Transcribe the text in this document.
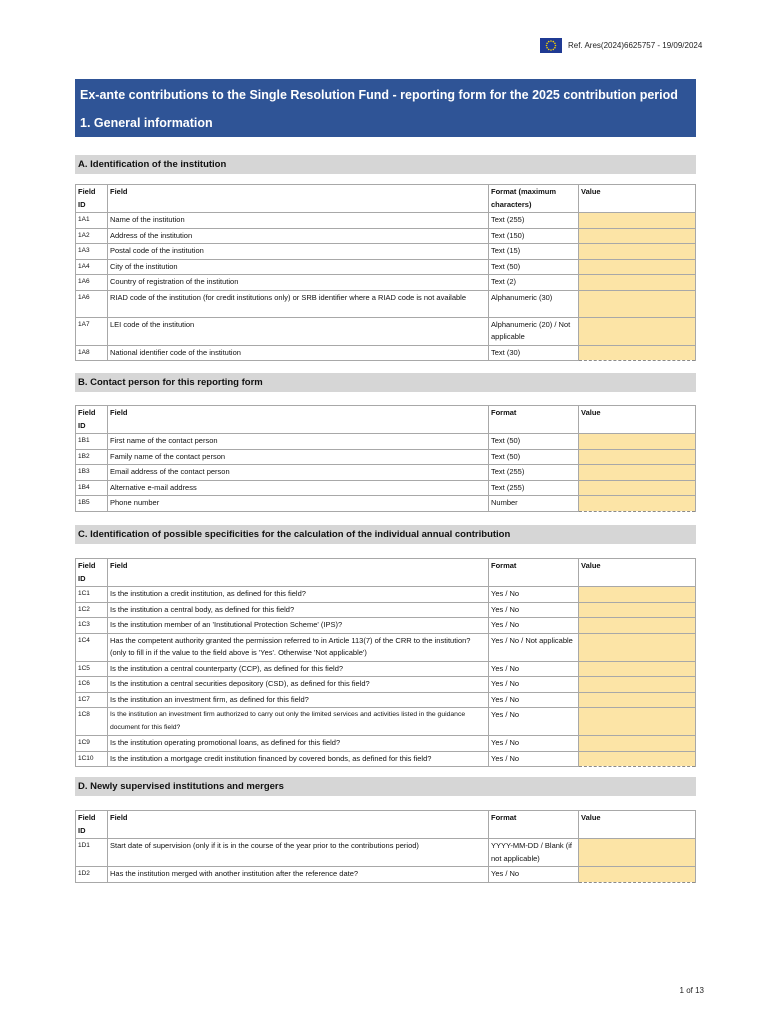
Ref. Ares(2024)6625757 - 19/09/2024
Ex-ante contributions to the Single Resolution Fund - reporting form for the 2025 contribution period
1. General information
A. Identification of the institution
Field ID	Field	Format (maximum characters)	Value
1A1	Name of the institution	Text (255)	
1A2	Address of the institution	Text (150)	
1A3	Postal code of the institution	Text (15)	
1A4	City of the institution	Text (50)	
1A6	Country of registration of the institution	Text (2)	
1A6	RIAD code of the institution (for credit institutions only) or SRB identifier where a RIAD code is not available	Alphanumeric (30)	
1A7	LEI code of the institution	Alphanumeric (20) / Not applicable	
1A8	National identifier code of the institution	Text (30)	
B. Contact person for this reporting form
Field ID	Field	Format	Value
1B1	First name of the contact person	Text (50)	
1B2	Family name of the contact person	Text (50)	
1B3	Email address of the contact person	Text (255)	
1B4	Alternative e-mail address	Text (255)	
1B5	Phone number	Number	
C. Identification of possible specificities for the calculation of the individual annual contribution
Field ID	Field	Format	Value
1C1	Is the institution a credit institution, as defined for this field?	Yes / No	
1C2	Is the institution a central body, as defined for this field?	Yes / No	
1C3	Is the institution member of an 'Institutional Protection Scheme' (IPS)?	Yes / No	
1C4	Has the competent authority granted the permission referred to in Article 113(7) of the CRR to the institution? (only to fill in if the value to the field above is 'Yes'. Otherwise 'Not applicable')	Yes / No / Not applicable	
1C5	Is the institution a central counterparty (CCP), as defined for this field?	Yes / No	
1C6	Is the institution a central securities depository (CSD), as defined for this field?	Yes / No	
1C7	Is the institution an investment firm, as defined for this field?	Yes / No	
1C8	Is the institution an investment firm authorized to carry out only the limited services and activities listed in the guidance document for this field?	Yes / No	
1C9	Is the institution operating promotional loans, as defined for this field?	Yes / No	
1C10	Is the institution a mortgage credit institution financed by covered bonds, as defined for this field?	Yes / No	
D. Newly supervised institutions and mergers
Field ID	Field	Format	Value
1D1	Start date of supervision (only if it is in the course of the year prior to the contributions period)	YYYY-MM-DD / Blank (if not applicable)	
1D2	Has the institution merged with another institution after the reference date?	Yes / No	
1 of 13
